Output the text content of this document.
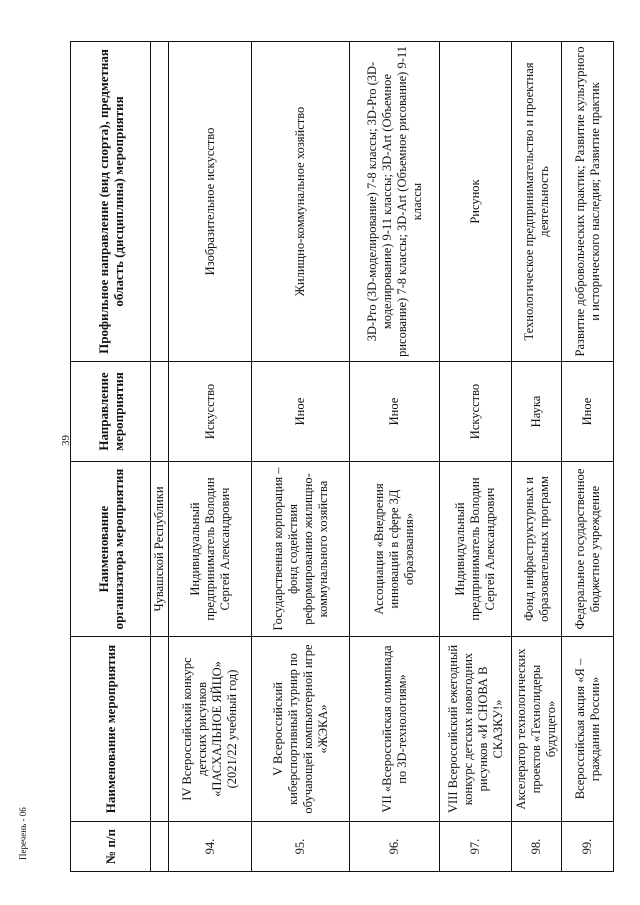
39
Перечень - 06	№ п/п	Наименование мероприятия	Наименование организатора мероприятия	Направление мероприятия	Профильное направление (вид спорта), предметная область (дисциплина) мероприятия
		Чувашской Республики		
94.	IV Всероссийский конкурс детских рисунков «ПАСХАЛЬНОЕ ЯЙЦО» (2021/22 учебный год)	Индивидуальный предприниматель Володин Сергей Александрович	Искусство	Изобразительное искусство
95.	V Всероссийский киберспортивный турнир по обучающей компьютерной игре «ЖЭКА»	Государственная корпорация – фонд содействия реформированию жилищно-коммунального хозяйства	Иное	Жилищно-коммунальное хозяйство
96.	VII «Всероссийская олимпиада по 3D-технологиям»	Ассоциация «Внедрения инноваций в сфере 3Д образования»	Иное	3D-Pro (3D-моделирование) 7-8 классы; 3D-Pro (3D-моделирование) 9-11 классы; 3D-Art (Объемное рисование) 7-8 классы; 3D-Art (Объемное рисование) 9-11 классы
97.	VIII Всероссийский ежегодный конкурс детских новогодних рисунков «И СНОВА В СКАЗКУ!»	Индивидуальный предприниматель Володин Сергей Александрович	Искусство	Рисунок
98.	Акселератор технологических проектов «Технолидеры будущего»	Фонд инфраструктурных и образовательных программ	Наука	Технологическое предпринимательство и проектная деятельность
99.	Всероссийская акция «Я – гражданин России»	Федеральное государственное бюджетное учреждение	Иное	Развитие добровольческих практик; Развитие культурного и исторического наследия; Развитие практик
